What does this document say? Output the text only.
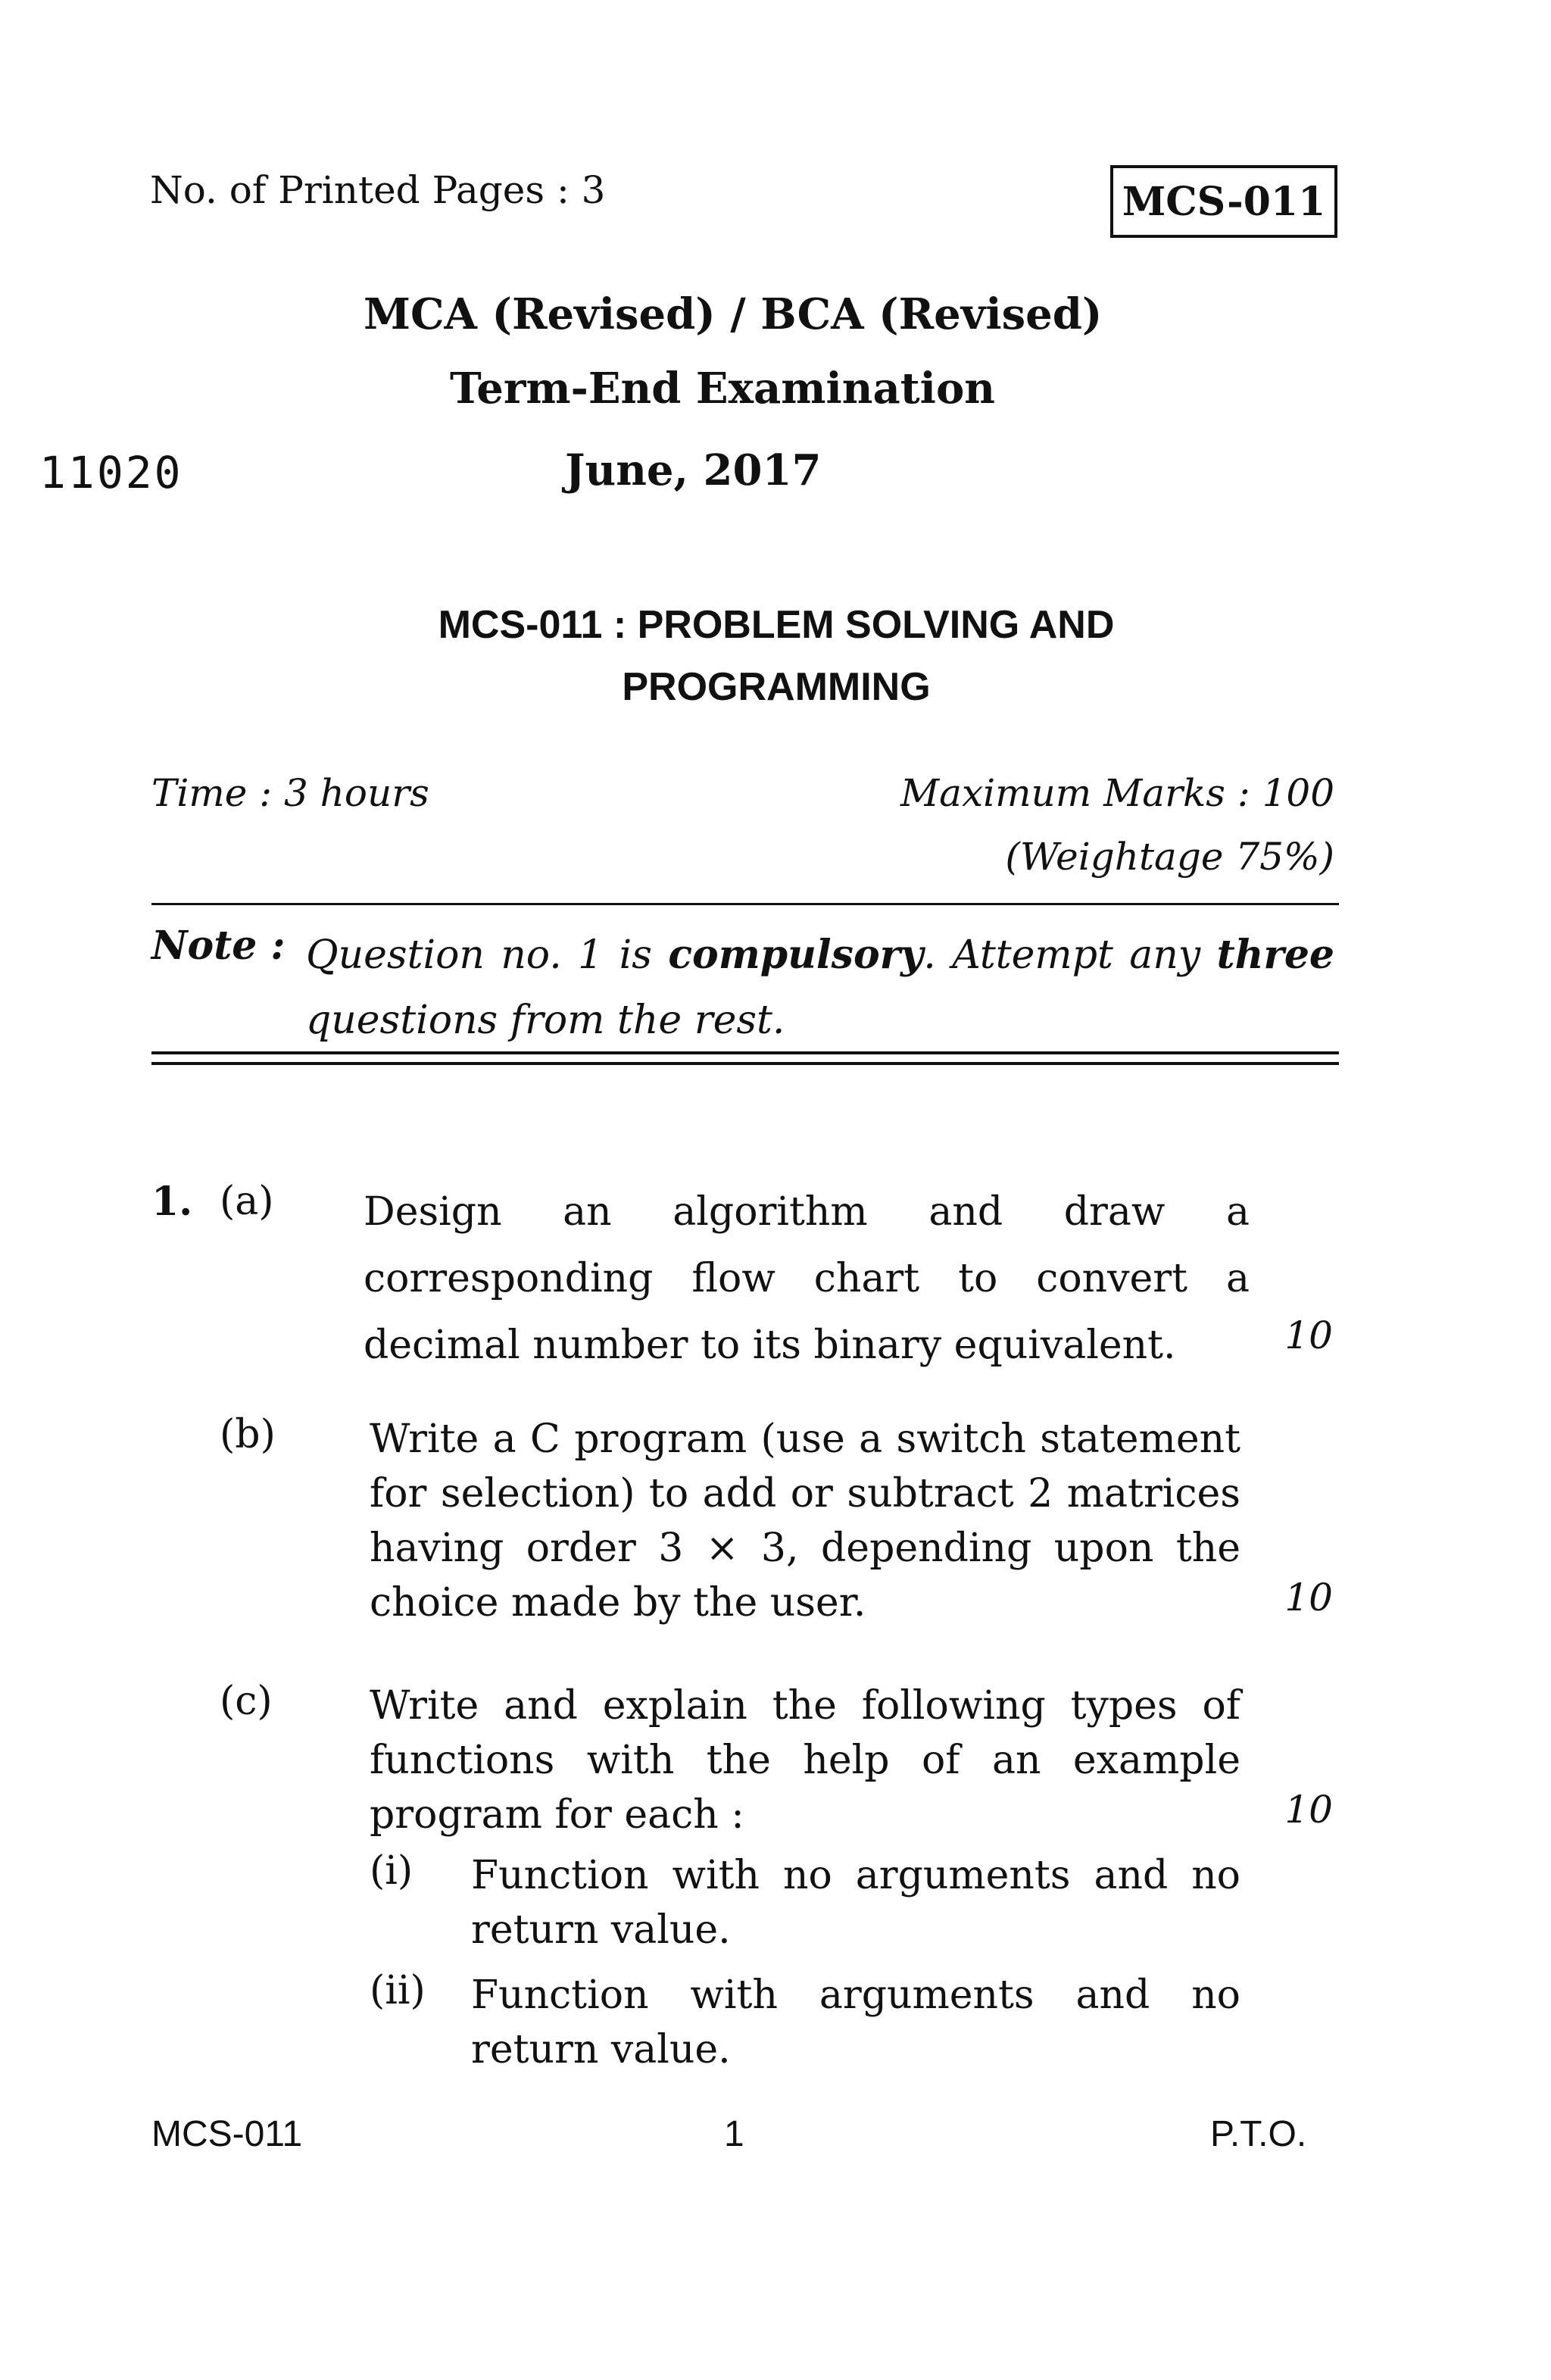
No. of Printed Pages : 3	MCS-011
MCA (Revised) / BCA (Revised)
Term-End Examination
11020	June, 2017
MCS-011 : PROBLEM SOLVING AND
PROGRAMMING
Time : 3 hours	Maximum Marks : 100
(Weightage 75%)
Note : Question no. 1 is compulsory. Attempt any three questions from the rest.
1. (a) Design an algorithm and draw a corresponding flow chart to convert a decimal number to its binary equivalent.	10
(b) Write a C program (use a switch statement for selection) to add or subtract 2 matrices having order 3 × 3, depending upon the choice made by the user.	10
(c) Write and explain the following types of functions with the help of an example program for each :	10
(i) Function with no arguments and no return value.
(ii) Function with arguments and no return value.
MCS-011	1	P.T.O.
